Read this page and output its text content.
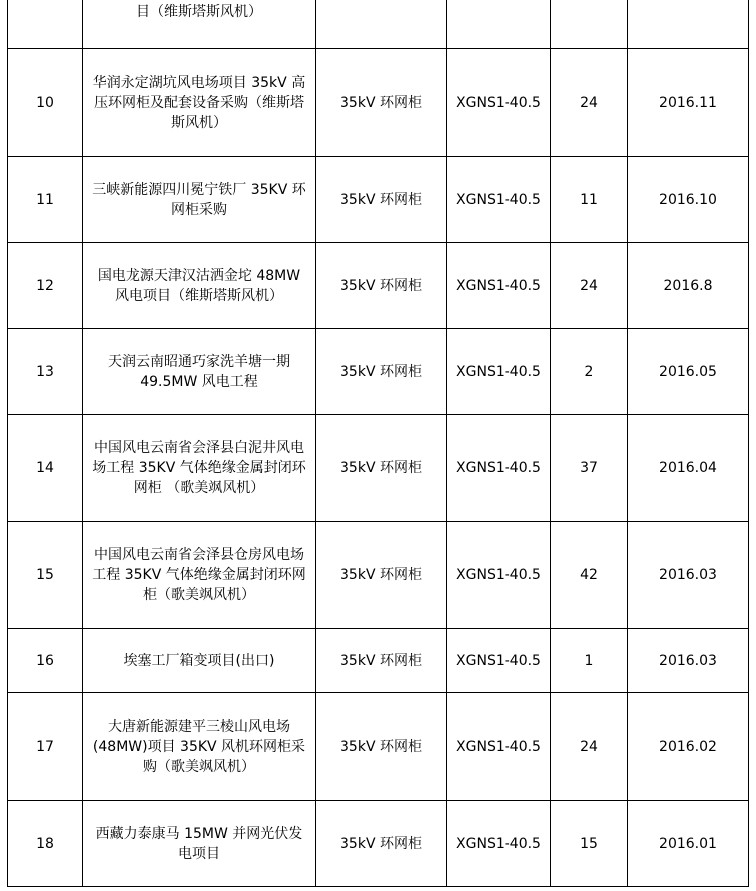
	目（维斯塔斯风机）				
10	华润永定湖坑风电场项目 35kV 高压环网柜及配套设备采购（维斯塔斯风机）	35kV 环网柜	XGNS1-40.5	24	2016.11
11	三峡新能源四川冕宁铁厂 35KV 环网柜采购	35kV 环网柜	XGNS1-40.5	11	2016.10
12	国电龙源天津汉沽洒金坨 48MW 风电项目（维斯塔斯风机）	35kV 环网柜	XGNS1-40.5	24	2016.8
13	天润云南昭通巧家洗羊塘一期 49.5MW 风电工程	35kV 环网柜	XGNS1-40.5	2	2016.05
14	中国风电云南省会泽县白泥井风电场工程 35KV 气体绝缘金属封闭环网柜 （歌美飒风机）	35kV 环网柜	XGNS1-40.5	37	2016.04
15	中国风电云南省会泽县仓房风电场工程 35KV 气体绝缘金属封闭环网柜（歌美飒风机）	35kV 环网柜	XGNS1-40.5	42	2016.03
16	埃塞工厂箱变项目(出口)	35kV 环网柜	XGNS1-40.5	1	2016.03
17	大唐新能源建平三棱山风电场(48MW)项目 35KV 风机环网柜采购（歌美飒风机）	35kV 环网柜	XGNS1-40.5	24	2016.02
18	西藏力泰康马 15MW 并网光伏发电项目	35kV 环网柜	XGNS1-40.5	15	2016.01
